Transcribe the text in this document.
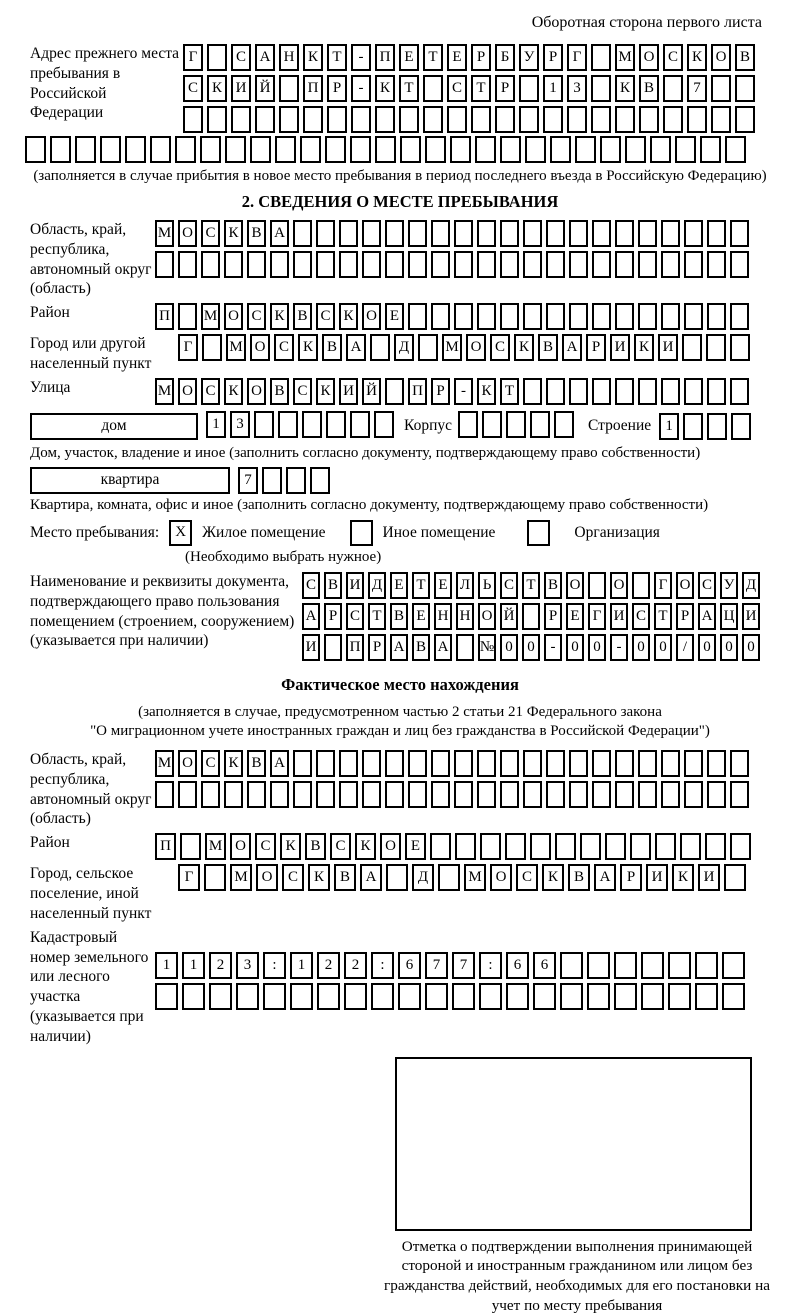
Оборотная сторона первого листа
Адрес прежнего места пребывания в Российской Федерации
Г	С А Н К Т	-	П Е Т Е	Р	Б У Р	Г	М О С К О В
С К И Й	П Р	-	К Т	С Т	Р	1	3	К В	7
(заполняется в случае прибытия в новое место пребывания в период последнего въезда в Российскую Федерацию)
2. СВЕДЕНИЯ О МЕСТЕ ПРЕБЫВАНИЯ
Область, край, республика, автономный округ (область)
М О С К В А
Район	П М О С К В С К О Е
Город или другой населенный пункт
Г	М О С К В А	Д	М О С К В А Р И К И
Улица	М О С К О В С К И Й П Р	-	К Т
дом	1	3	Корпус	Строение 1
Дом, участок, владение и иное (заполнить согласно документу, подтверждающему право собственности)
квартира	7
Квартира, комната, офис и иное (заполнить согласно документу, подтверждающему право собственности)
Место пребывания:	X	Жилое помещение	Иное помещение	Организация
(Необходимо выбрать нужное)
Наименование и реквизиты документа, подтверждающего право пользования помещением (строением, сооружением) (указывается при наличии)
С В И Д Е Т Е Л Ь С Т В О О	Г О С У Д
А Р С Т В Е Н Н О Й	Р Е Г И С Т Р А Ц И
И П Р А В А № 0 0	-	0 0	-	0 0	/	0 0 0
Фактическое место нахождения
(заполняется в случае, предусмотренном частью 2 статьи 21 Федерального закона
"О миграционном учете иностранных граждан и лиц без гражданства в Российской Федерации")
Область, край, республика, автономный округ (область)
М О С К В А
Район	П	М О С К В С К О Е
Город, сельское поселение, иной населенный пункт
Г	М О	С	К	В	А	Д	М О	С	К	В	А	Р	И	К	И
Кадастровый номер земельного или лесного участка (указывается при наличии)
1	1	2	3	:	1	2	2	:	6	7	7	:	6	6
Отметка о подтверждении выполнения принимающей стороной и иностранным гражданином или лицом без гражданства действий, необходимых для его постановки на учет по месту пребывания
